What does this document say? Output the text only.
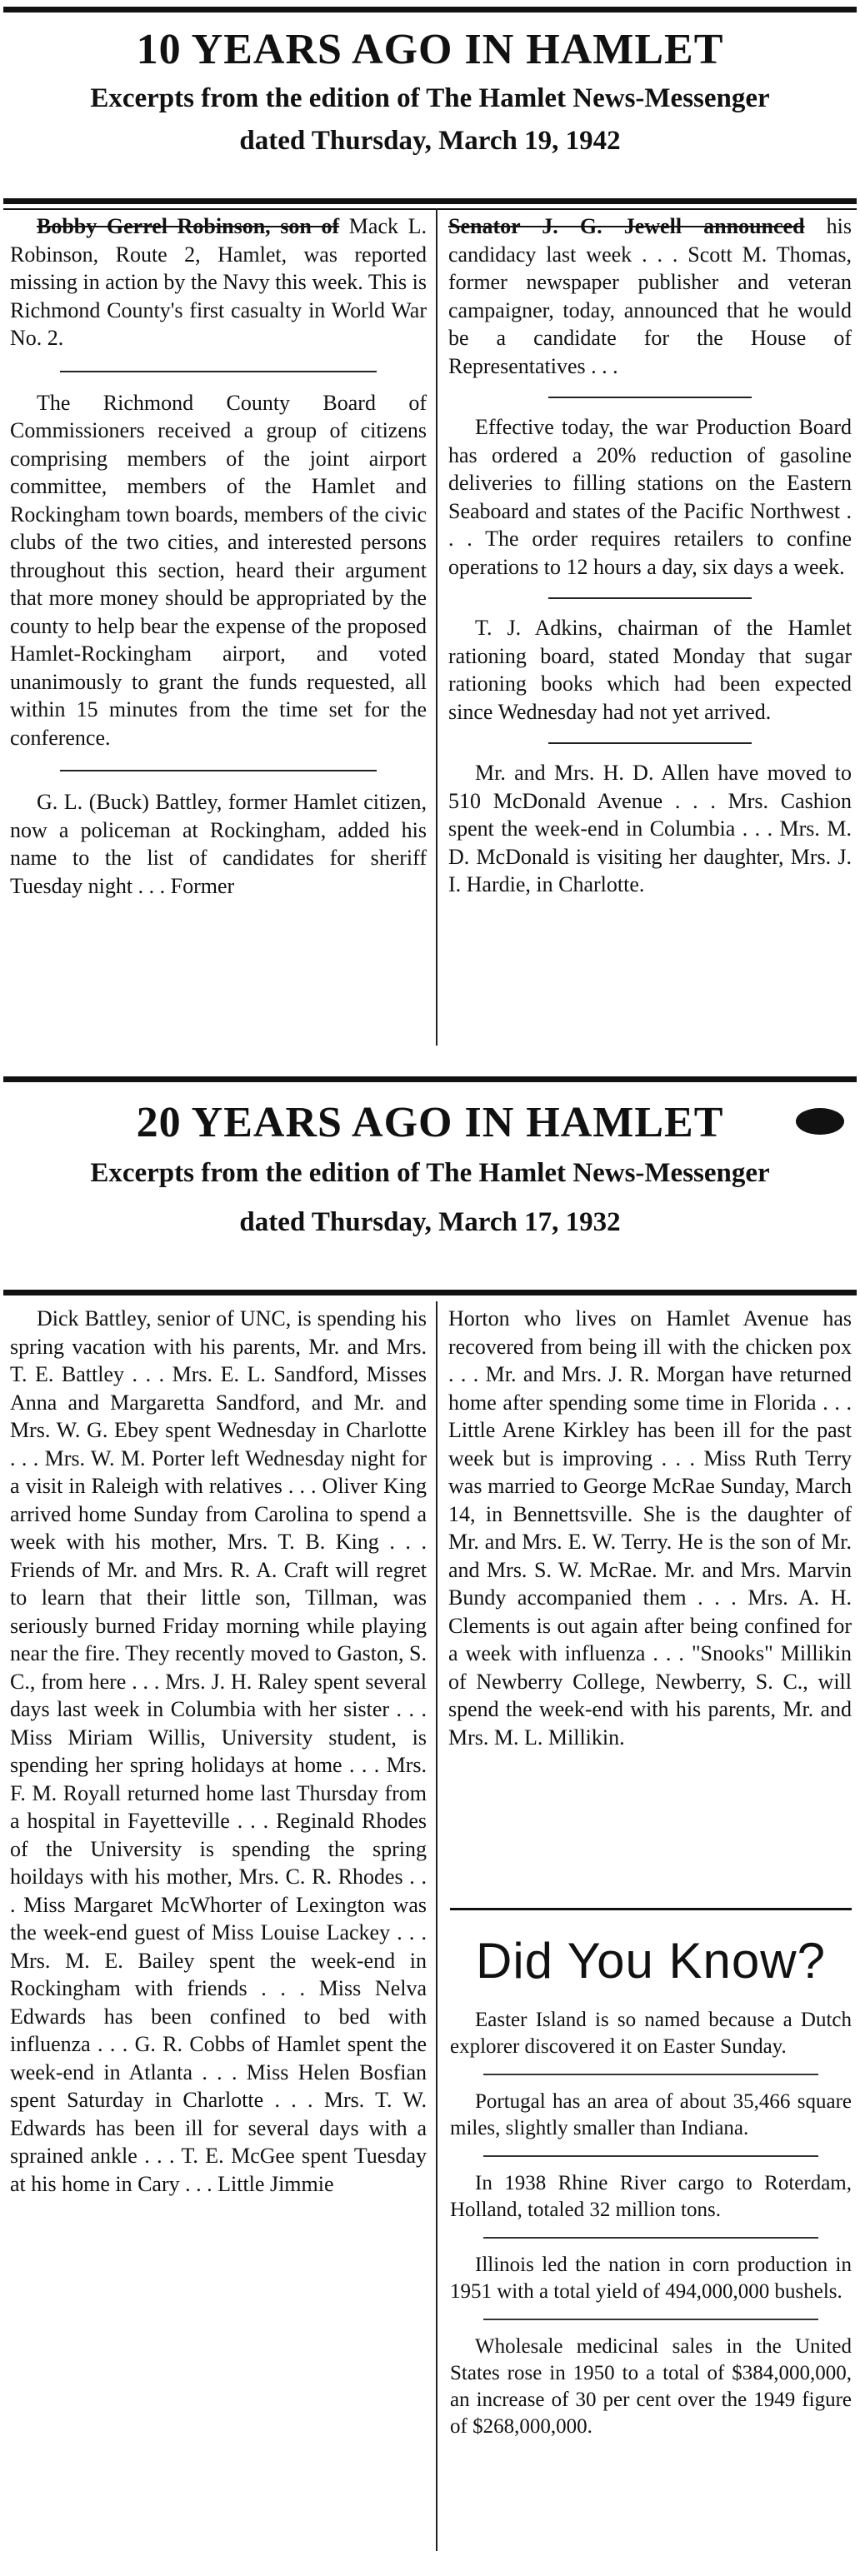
10 YEARS AGO IN HAMLET
Excerpts from the edition of The Hamlet News-Messenger
dated Thursday, March 19, 1942

Bobby Gerrel Robinson, son of Mack L. Robinson, Route 2, Hamlet, was reported missing in action by the Navy this week. This is Richmond County's first casualty in World War No. 2.

The Richmond County Board of Commissioners received a group of citizens comprising members of the joint airport committee, members of the Hamlet and Rockingham town boards, members of the civic clubs of the two cities, and interested persons throughout this section, heard their argument that more money should be appropriated by the county to help bear the expense of the proposed Hamlet-Rockingham airport, and voted unanimously to grant the funds requested, all within 15 minutes from the time set for the conference.

G. L. (Buck) Battley, former Hamlet citizen, now a policeman at Rockingham, added his name to the list of candidates for sheriff Tuesday night . . . Former

Senator J. G. Jewell announced his candidacy last week . . . Scott M. Thomas, former newspaper publisher and veteran campaigner, today, announced that he would be a candidate for the House of Representatives . . .

Effective today, the war Production Board has ordered a 20% reduction of gasoline deliveries to filling stations on the Eastern Seaboard and states of the Pacific Northwest . . . The order requires retailers to confine operations to 12 hours a day, six days a week.

T. J. Adkins, chairman of the Hamlet rationing board, stated Monday that sugar rationing books which had been expected since Wednesday had not yet arrived.

Mr. and Mrs. H. D. Allen have moved to 510 McDonald Avenue . . . Mrs. Cashion spent the week-end in Columbia . . . Mrs. M. D. McDonald is visiting her daughter, Mrs. J. I. Hardie, in Charlotte.

20 YEARS AGO IN HAMLET
Excerpts from the edition of The Hamlet News-Messenger
dated Thursday, March 17, 1932

Dick Battley, senior of UNC, is spending his spring vacation with his parents, Mr. and Mrs. T. E. Battley . . . Mrs. E. L. Sandford, Misses Anna and Margaretta Sandford, and Mr. and Mrs. W. G. Ebey spent Wednesday in Charlotte . . . Mrs. W. M. Porter left Wednesday night for a visit in Raleigh with relatives . . . Oliver King arrived home Sunday from Carolina to spend a week with his mother, Mrs. T. B. King . . . Friends of Mr. and Mrs. R. A. Craft will regret to learn that their little son, Tillman, was seriously burned Friday morning while playing near the fire. They recently moved to Gaston, S. C., from here . . . Mrs. J. H. Raley spent several days last week in Columbia with her sister . . . Miss Miriam Willis, University student, is spending her spring holidays at home . . . Mrs. F. M. Royall returned home last Thursday from a hospital in Fayetteville . . . Reginald Rhodes of the University is spending the spring hoildays with his mother, Mrs. C. R. Rhodes . . . Miss Margaret McWhorter of Lexington was the week-end guest of Miss Louise Lackey . . . Mrs. M. E. Bailey spent the week-end in Rockingham with friends . . . Miss Nelva Edwards has been confined to bed with influenza . . . G. R. Cobbs of Hamlet spent the week-end in Atlanta . . . Miss Helen Bosfian spent Saturday in Charlotte . . . Mrs. T. W. Edwards has been ill for several days with a sprained ankle . . . T. E. McGee spent Tuesday at his home in Cary . . . Little Jimmie

Horton who lives on Hamlet Avenue has recovered from being ill with the chicken pox . . . Mr. and Mrs. J. R. Morgan have returned home after spending some time in Florida . . . Little Arene Kirkley has been ill for the past week but is improving . . . Miss Ruth Terry was married to George McRae Sunday, March 14, in Bennettsville. She is the daughter of Mr. and Mrs. E. W. Terry. He is the son of Mr. and Mrs. S. W. McRae. Mr. and Mrs. Marvin Bundy accompanied them . . . Mrs. A. H. Clements is out again after being confined for a week with influenza . . . "Snooks" Millikin of Newberry College, Newberry, S. C., will spend the week-end with his parents, Mr. and Mrs. M. L. Millikin.

Did You Know?

Easter Island is so named because a Dutch explorer discovered it on Easter Sunday.

Portugal has an area of about 35,466 square miles, slightly smaller than Indiana.

In 1938 Rhine River cargo to Roterdam, Holland, totaled 32 million tons.

Illinois led the nation in corn production in 1951 with a total yield of 494,000,000 bushels.

Wholesale medicinal sales in the United States rose in 1950 to a total of $384,000,000, an increase of 30 per cent over the 1949 figure of $268,000,000.
